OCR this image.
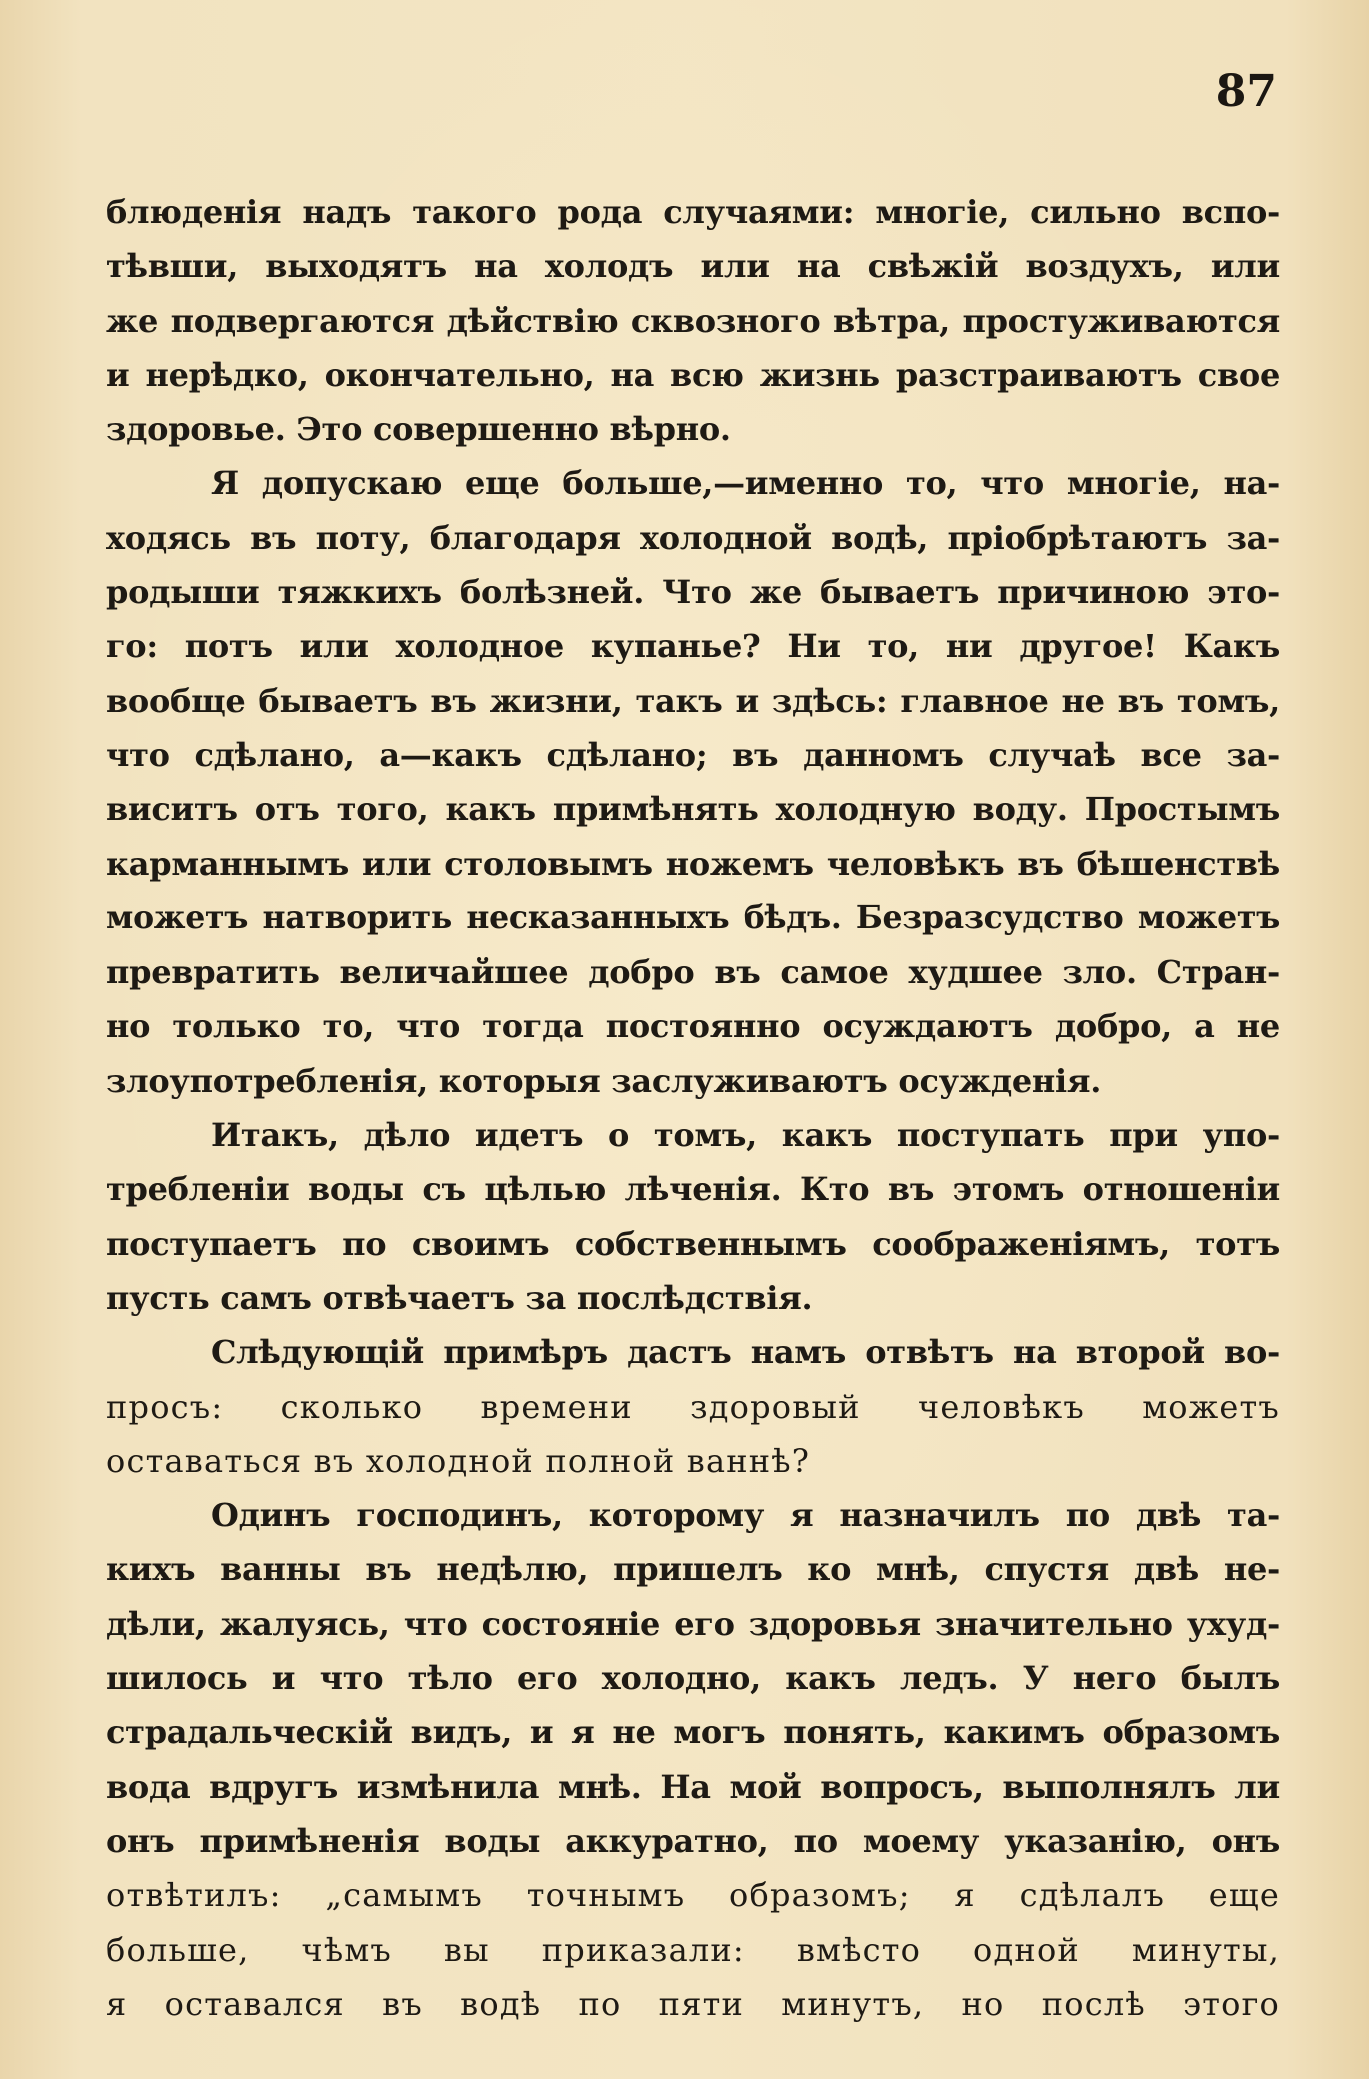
87
блюденія надъ такого рода случаями: многіе, сильно вспо-
тѣвши, выходятъ на холодъ или на свѣжій воздухъ, или
же подвергаются дѣйствію сквозного вѣтра, простуживаются
и нерѣдко, окончательно, на всю жизнь разстраиваютъ свое
здоровье. Это совершенно вѣрно.
Я допускаю еще больше,—именно то, что многіе, на-
ходясь въ поту, благодаря холодной водѣ, пріобрѣтаютъ за-
родыши тяжкихъ болѣзней. Что же бываетъ причиною это-
го: потъ или холодное купанье? Ни то, ни другое! Какъ
вообще бываетъ въ жизни, такъ и здѣсь: главное не въ томъ,
что сдѣлано, а—какъ сдѣлано; въ данномъ случаѣ все за-
виситъ отъ того, какъ примѣнять холодную воду. Простымъ
карманнымъ или столовымъ ножемъ человѣкъ въ бѣшенствѣ
можетъ натворить несказанныхъ бѣдъ. Безразсудство можетъ
превратить величайшее добро въ самое худшее зло. Стран-
но только то, что тогда постоянно осуждаютъ добро, а не
злоупотребленія, которыя заслуживаютъ осужденія.
Итакъ, дѣло идетъ о томъ, какъ поступать при упо-
требленіи воды съ цѣлью лѣченія. Кто въ этомъ отношеніи
поступаетъ по своимъ собственнымъ соображеніямъ, тотъ
пусть самъ отвѣчаетъ за послѣдствія.
Слѣдующій примѣръ дастъ намъ отвѣтъ на второй во-
просъ: сколько времени здоровый человѣкъ можетъ
оставаться въ холодной полной ваннѣ?
Одинъ господинъ, которому я назначилъ по двѣ та-
кихъ ванны въ недѣлю, пришелъ ко мнѣ, спустя двѣ не-
дѣли, жалуясь, что состояніе его здоровья значительно ухуд-
шилось и что тѣло его холодно, какъ ледъ. У него былъ
страдальческій видъ, и я не могъ понять, какимъ образомъ
вода вдругъ измѣнила мнѣ. На мой вопросъ, выполнялъ ли
онъ примѣненія воды аккуратно, по моему указанію, онъ
отвѣтилъ: „самымъ точнымъ образомъ; я сдѣлалъ еще
больше, чѣмъ вы приказали: вмѣсто одной минуты,
я оставался въ водѣ по пяти минутъ, но послѣ этого
